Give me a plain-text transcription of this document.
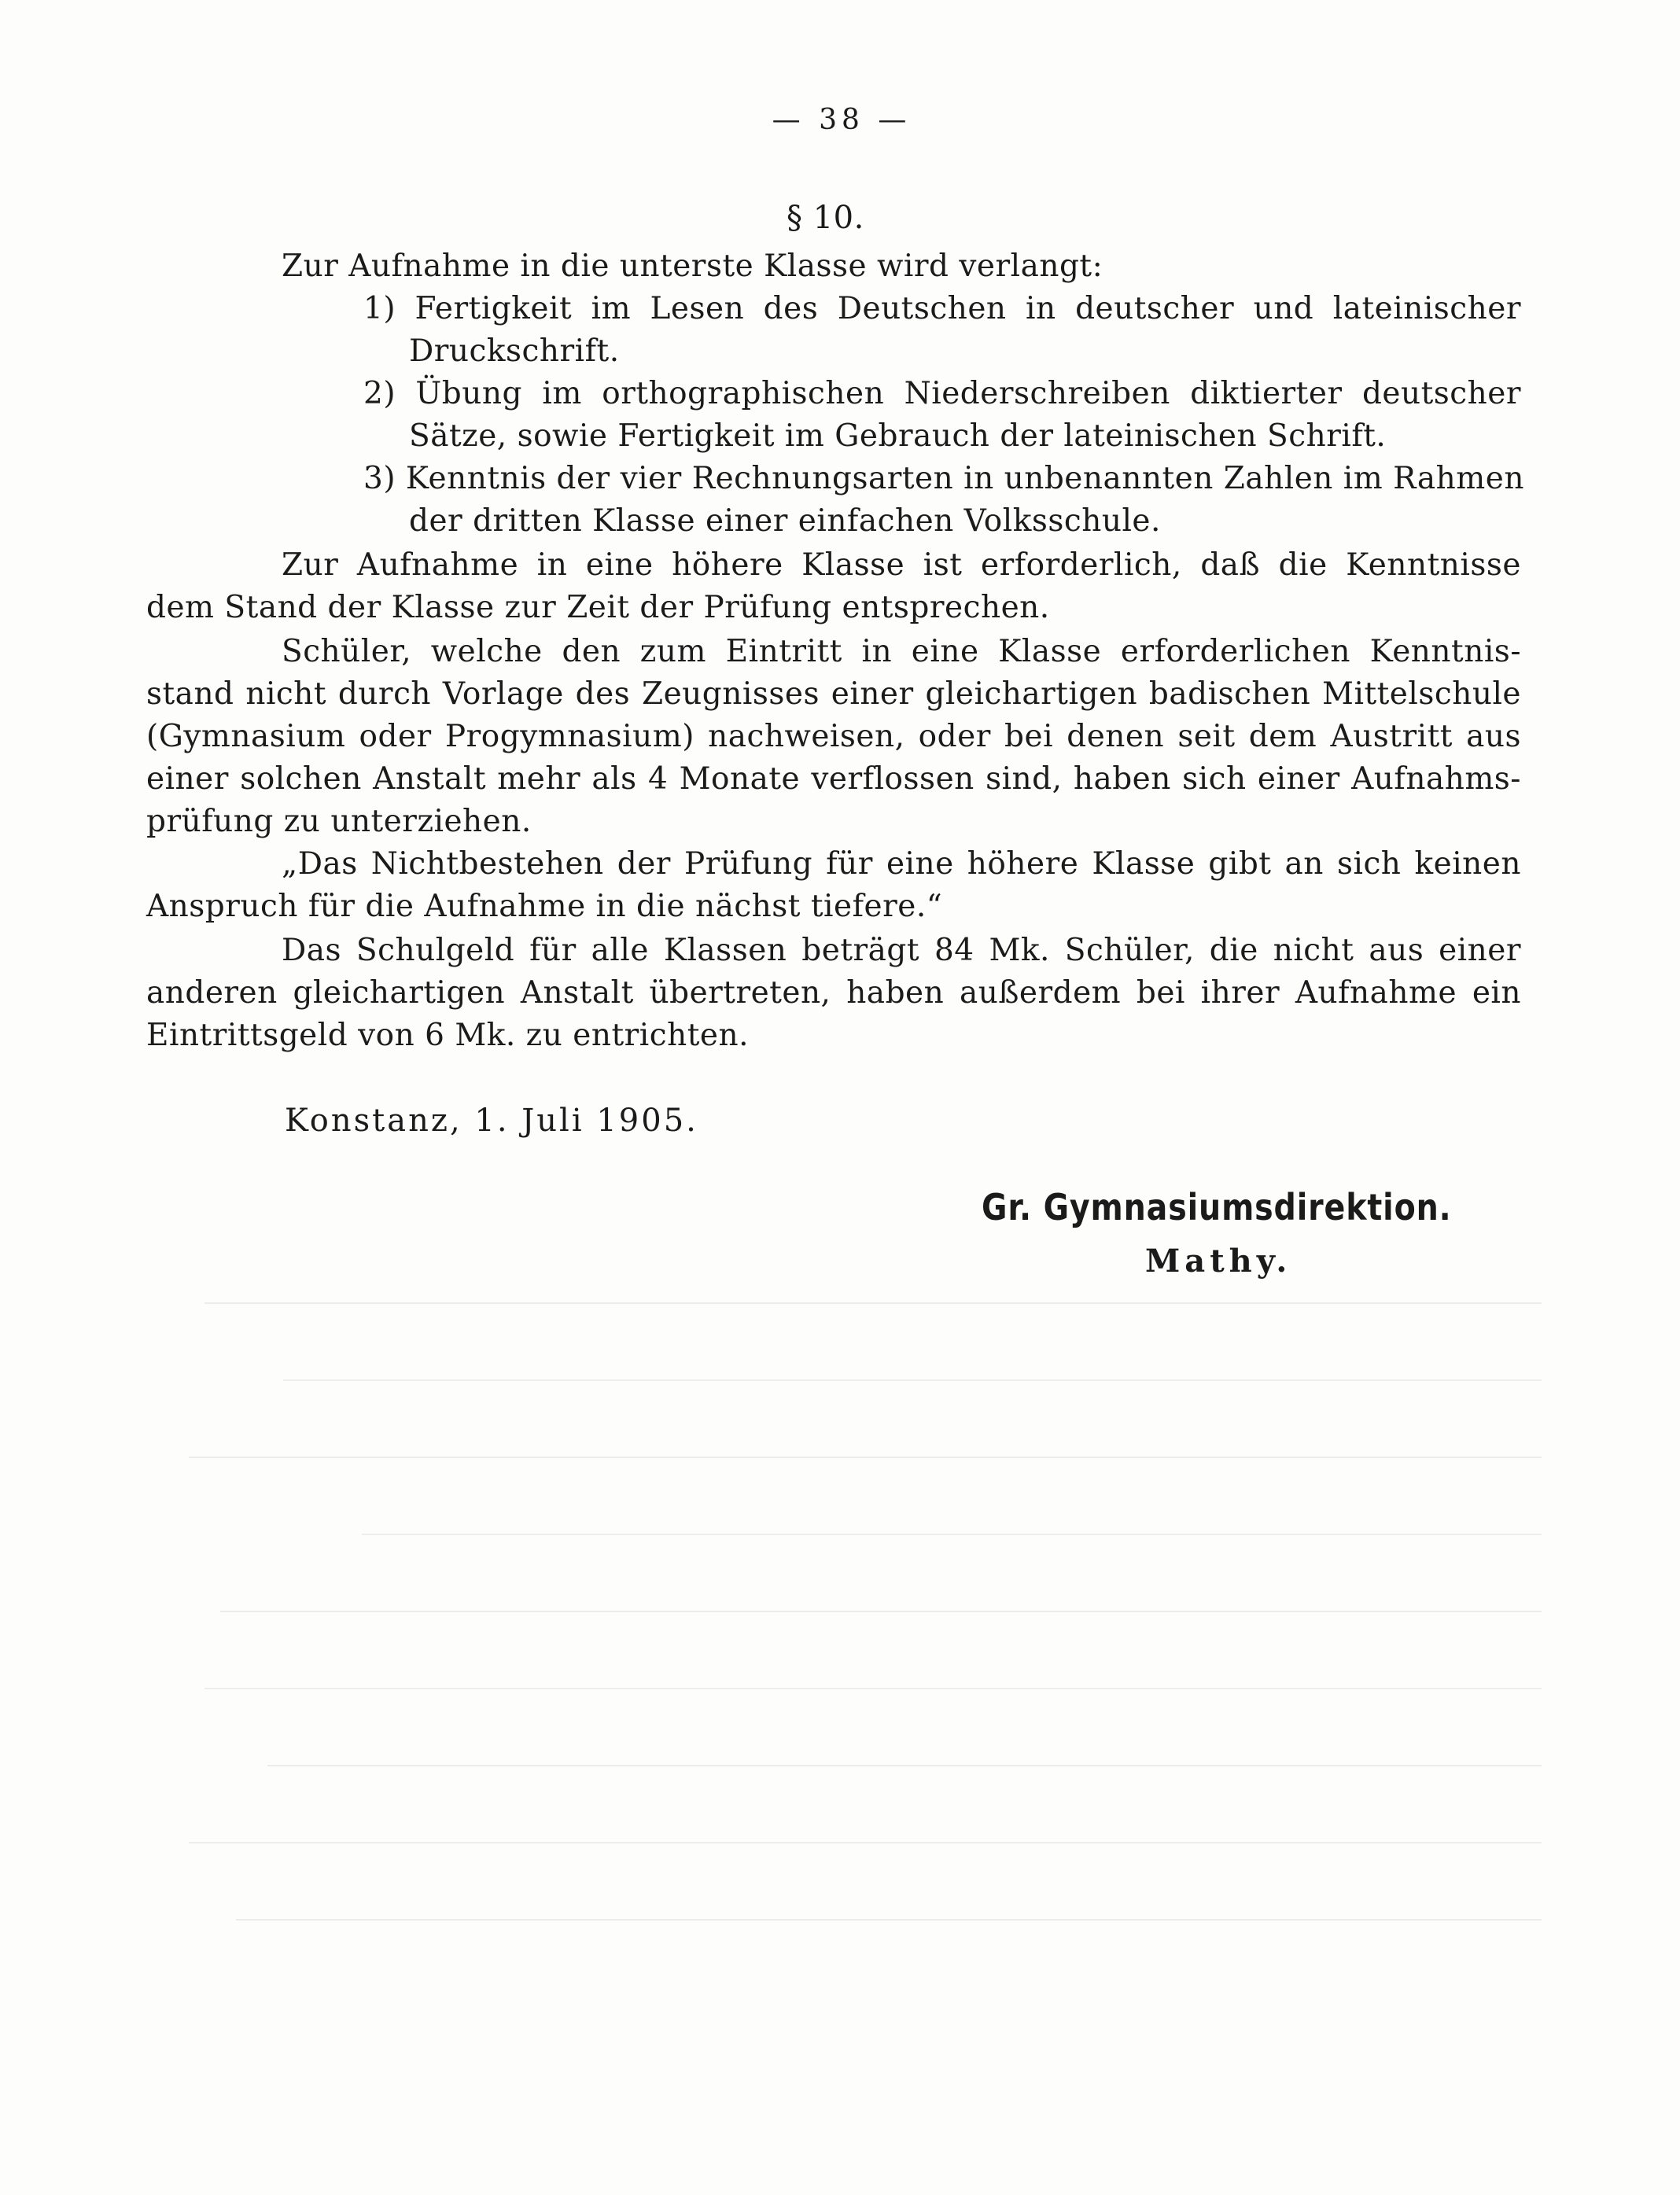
— 38 —
§ 10.
Zur Aufnahme in die unterste Klasse wird verlangt:
1) Fertigkeit im Lesen des Deutschen in deutscher und lateinischer
Druckschrift.
2) Übung im orthographischen Niederschreiben diktierter deutscher
Sätze, sowie Fertigkeit im Gebrauch der lateinischen Schrift.
3) Kenntnis der vier Rechnungsarten in unbenannten Zahlen im Rahmen
der dritten Klasse einer einfachen Volksschule.
Zur Aufnahme in eine höhere Klasse ist erforderlich, daß die Kenntnisse
dem Stand der Klasse zur Zeit der Prüfung entsprechen.
Schüler, welche den zum Eintritt in eine Klasse erforderlichen Kenntnis-
stand nicht durch Vorlage des Zeugnisses einer gleichartigen badischen Mittelschule
(Gymnasium oder Progymnasium) nachweisen, oder bei denen seit dem Austritt aus
einer solchen Anstalt mehr als 4 Monate verflossen sind, haben sich einer Aufnahms-
prüfung zu unterziehen.
„Das Nichtbestehen der Prüfung für eine höhere Klasse gibt an sich keinen
Anspruch für die Aufnahme in die nächst tiefere.“
Das Schulgeld für alle Klassen beträgt 84 Mk. Schüler, die nicht aus einer
anderen gleichartigen Anstalt übertreten, haben außerdem bei ihrer Aufnahme ein
Eintrittsgeld von 6 Mk. zu entrichten.
Konstanz, 1. Juli 1905.
Gr. Gymnasiumsdirektion.
Mathy.
